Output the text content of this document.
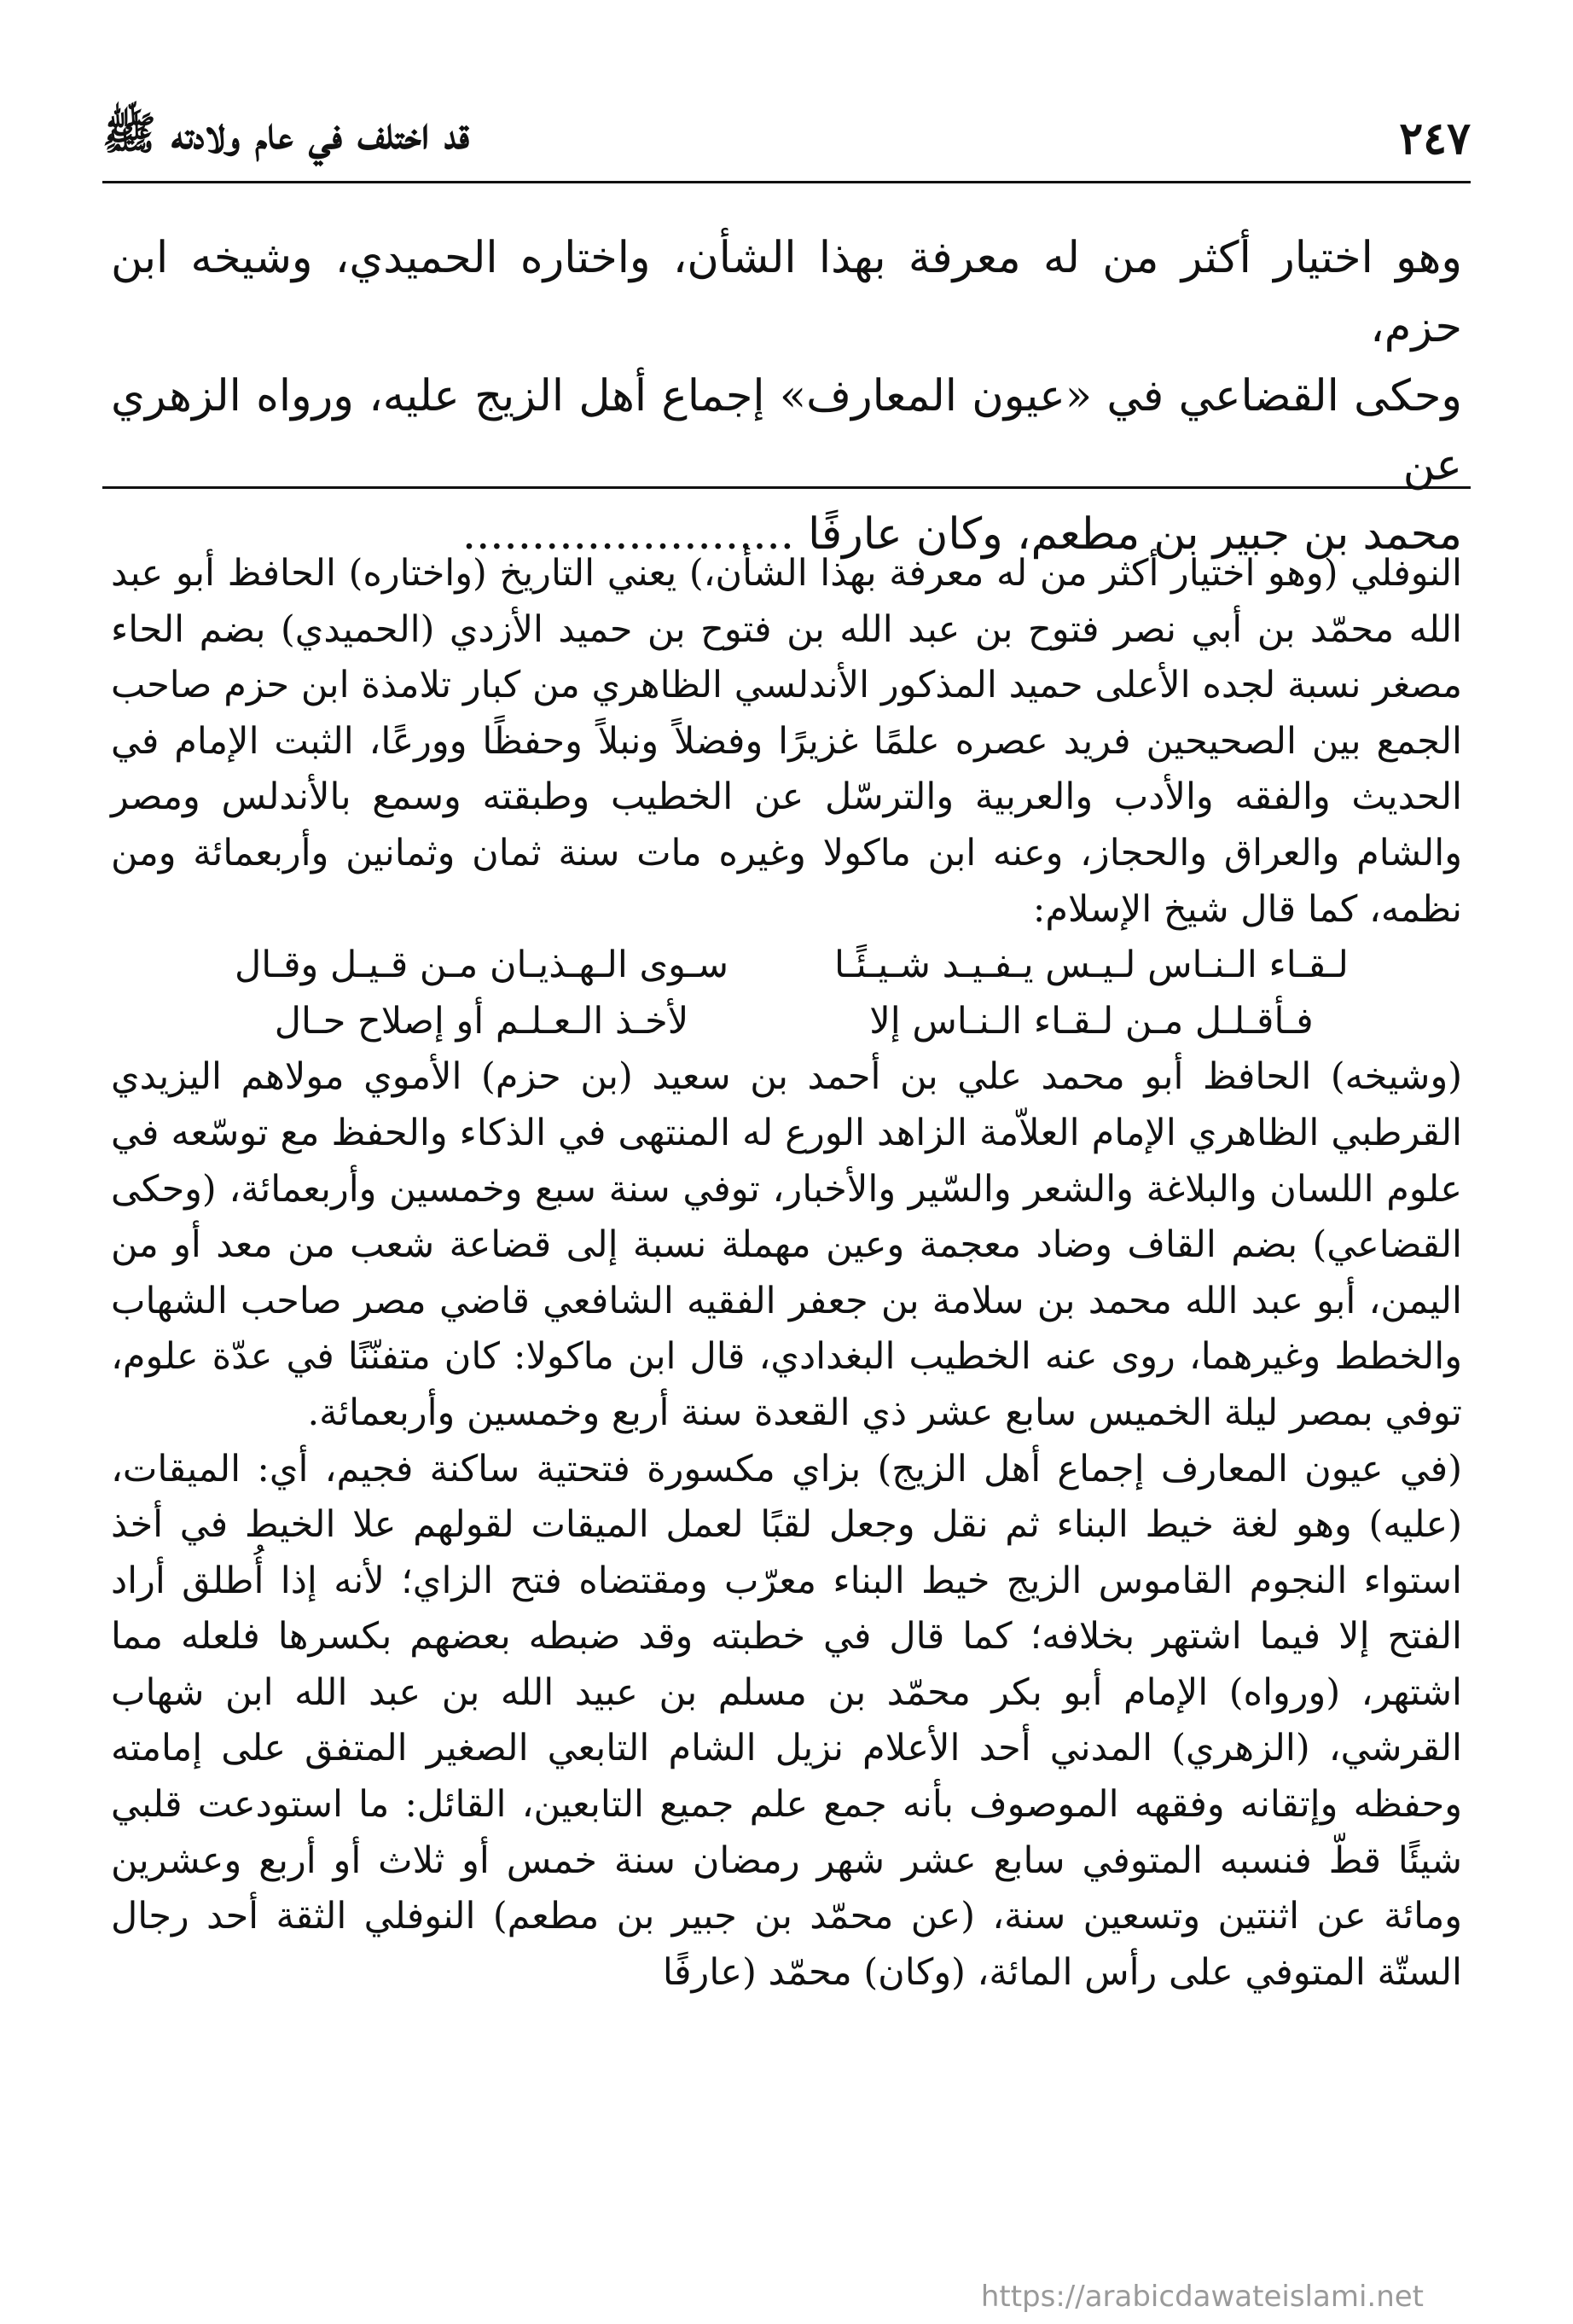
قد اختلف في عام ولادته ﷺ	٢٤٧

وهو اختيار أكثر من له معرفة بهذا الشأن، واختاره الحميدي، وشيخه ابن حزم،

وحكى القضاعي في «عيون المعارف» إجماع أهل الزيج عليه، ورواه الزهري عن

محمد بن جبير بن مطعم، وكان عارفًا ........................

النوفلي (وهو اختيار أكثر من له معرفة بهذا الشأن،) يعني التاريخ (واختاره) الحافظ أبو عبد الله محمّد بن أبي نصر فتوح بن عبد الله بن فتوح بن حميد الأزدي (الحميدي) بضم الحاء مصغر نسبة لجده الأعلى حميد المذكور الأندلسي الظاهري من كبار تلامذة ابن حزم صاحب الجمع بين الصحيحين فريد عصره علمًا غزيرًا وفضلاً ونبلاً وحفظًا وورعًا، الثبت الإمام في الحديث والفقه والأدب والعربية والترسّل عن الخطيب وطبقته وسمع بالأندلس ومصر والشام والعراق والحجاز، وعنه ابن ماكولا وغيره مات سنة ثمان وثمانين وأربعمائة ومن نظمه، كما قال شيخ الإسلام:

لـقـاء الـنـاس لـيـس يـفـيـد شـيـئًـا
سـوى الـهـذيـان مـن قـيـل وقـال
فـأقـلـل مـن لـقـاء الـنـاس إلا
لأخـذ الـعـلـم أو إصلاح حـال

(وشيخه) الحافظ أبو محمد علي بن أحمد بن سعيد (بن حزم) الأموي مولاهم اليزيدي القرطبي الظاهري الإمام العلاّمة الزاهد الورع له المنتهى في الذكاء والحفظ مع توسّعه في علوم اللسان والبلاغة والشعر والسّير والأخبار، توفي سنة سبع وخمسين وأربعمائة، (وحكى القضاعي) بضم القاف وضاد معجمة وعين مهملة نسبة إلى قضاعة شعب من معد أو من اليمن، أبو عبد الله محمد بن سلامة بن جعفر الفقيه الشافعي قاضي مصر صاحب الشهاب والخطط وغيرهما، روى عنه الخطيب البغدادي، قال ابن ماكولا: كان متفنّنًا في عدّة علوم، توفي بمصر ليلة الخميس سابع عشر ذي القعدة سنة أربع وخمسين وأربعمائة.

(في عيون المعارف إجماع أهل الزيج) بزاي مكسورة فتحتية ساكنة فجيم، أي: الميقات، (عليه) وهو لغة خيط البناء ثم نقل وجعل لقبًا لعمل الميقات لقولهم علا الخيط في أخذ استواء النجوم القاموس الزيج خيط البناء معرّب ومقتضاه فتح الزاي؛ لأنه إذا أُطلق أراد الفتح إلا فيما اشتهر بخلافه؛ كما قال في خطبته وقد ضبطه بعضهم بكسرها فلعله مما اشتهر، (ورواه) الإمام أبو بكر محمّد بن مسلم بن عبيد الله بن عبد الله ابن شهاب القرشي، (الزهري) المدني أحد الأعلام نزيل الشام التابعي الصغير المتفق على إمامته وحفظه وإتقانه وفقهه الموصوف بأنه جمع علم جميع التابعين، القائل: ما استودعت قلبي شيئًا قطّ فنسبه المتوفي سابع عشر شهر رمضان سنة خمس أو ثلاث أو أربع وعشرين ومائة عن اثنتين وتسعين سنة، (عن محمّد بن جبير بن مطعم) النوفلي الثقة أحد رجال الستّة المتوفي على رأس المائة، (وكان) محمّد (عارفًا

https://arabicdawateislami.net
